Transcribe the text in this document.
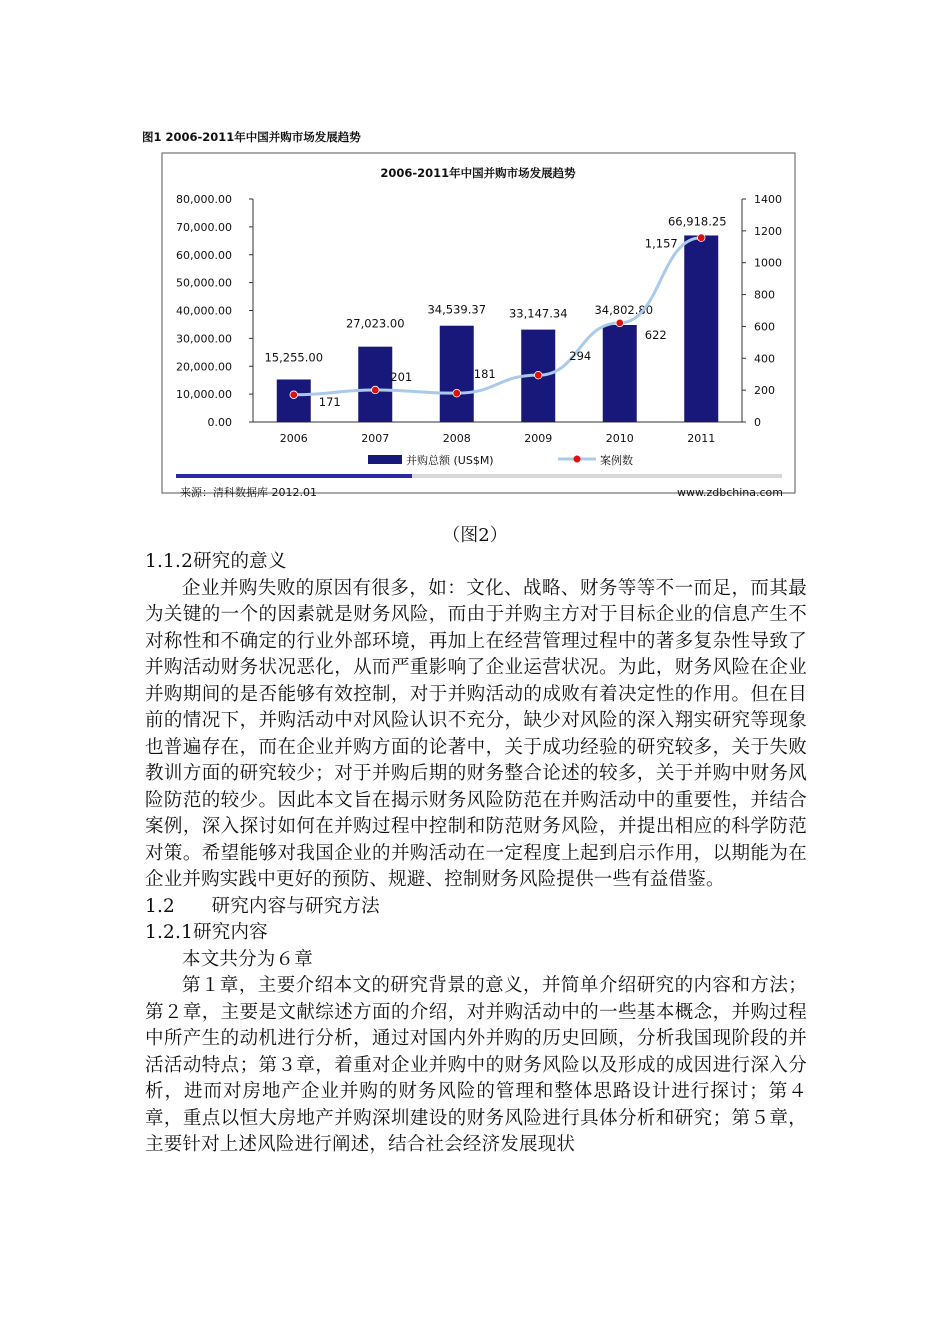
图1 2006-2011年中国并购市场发展趋势
2006-2011年中国并购市场发展趋势
0.00
10,000.00
20,000.00
30,000.00
40,000.00
50,000.00
60,000.00
70,000.00
80,000.00
0
200
400
600
800
1000
1200
1400
15,255.00
27,023.00
34,539.37 33,147.34 34,802.80
66,918.25
171
201	181
294
622
1,157
2006	2007	2008	2009	2010	2011
并购总额 (US$M)	案例数
来源：清科数据库 2012.01	www.zdbchina.com
（图2）

1.1.2研究的意义

企业并购失败的原因有很多，如：文化、战略、财务等等不一而足，而其最为关键的一个的因素就是财务风险，而由于并购主方对于目标企业的信息产生不对称性和不确定的行业外部环境，再加上在经营管理过程中的著多复杂性导致了并购活动财务状况恶化，从而严重影响了企业运营状况。为此，财务风险在企业并购期间的是否能够有效控制，对于并购活动的成败有着决定性的作用。但在目前的情况下，并购活动中对风险认识不充分，缺少对风险的深入翔实研究等现象也普遍存在，而在企业并购方面的论著中，关于成功经验的研究较多，关于失败教训方面的研究较少；对于并购后期的财务整合论述的较多，关于并购中财务风险防范的较少。因此本文旨在揭示财务风险防范在并购活动中的重要性，并结合案例，深入探讨如何在并购过程中控制和防范财务风险，并提出相应的科学防范对策。希望能够对我国企业的并购活动在一定程度上起到启示作用，以期能为在企业并购实践中更好的预防、规避、控制财务风险提供一些有益借鉴。

1.2      研究内容与研究方法

1.2.1研究内容

本文共分为６章

第１章，主要介绍本文的研究背景的意义，并简单介绍研究的内容和方法；第２章，主要是文献综述方面的介绍，对并购活动中的一些基本概念，并购过程中所产生的动机进行分析，通过对国内外并购的历史回顾，分析我国现阶段的并活活动特点；第３章，着重对企业并购中的财务风险以及形成的成因进行深入分析，进而对房地产企业并购的财务风险的管理和整体思路设计进行探讨；第４章，重点以恒大房地产并购深圳建设的财务风险进行具体分析和研究；第５章，主要针对上述风险进行阐述，结合社会经济发展现状
